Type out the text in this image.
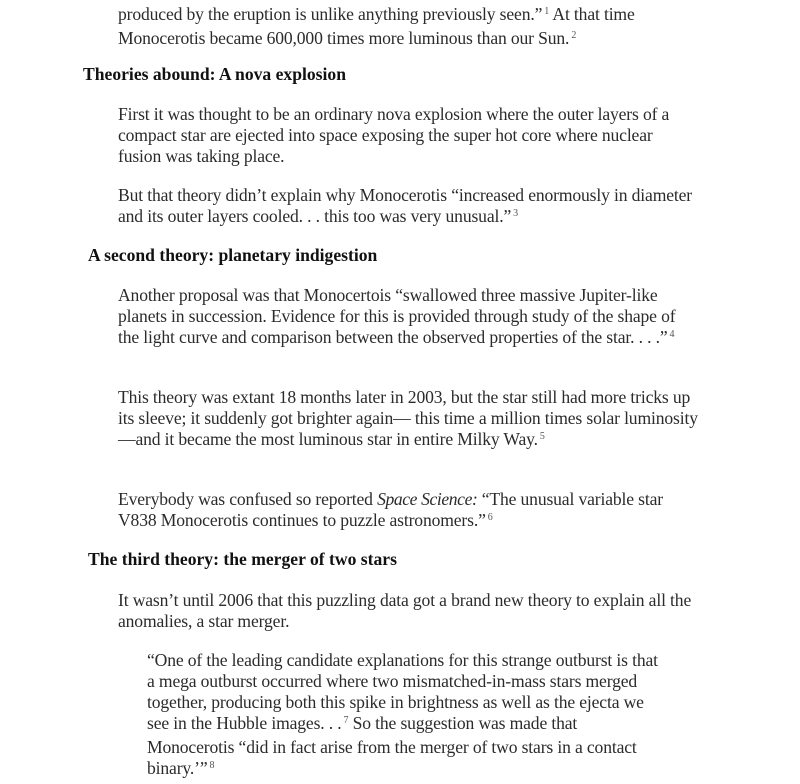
produced by the eruption is unlike anything previously seen.” $^1$ At that time Monocerotis became 600,000 times more luminous than our Sun. $^2$

Theories abound: A nova explosion

First it was thought to be an ordinary nova explosion where the outer layers of a compact star are ejected into space exposing the super hot core where nuclear fusion was taking place.

But that theory didn’t explain why Monocerotis “increased enormously in diameter and its outer layers cooled. . . this too was very unusual.” $^3$

A second theory: planetary indigestion

Another proposal was that Monocertois “swallowed three massive Jupiter-like planets in succession. Evidence for this is provided through study of the shape of the light curve and comparison between the observed properties of the star. . . .” $^4$

This theory was extant 18 months later in 2003, but the star still had more tricks up its sleeve; it suddenly got brighter again— this time a million times solar luminosity—and it became the most luminous star in entire Milky Way. $^5$

Everybody was confused so reported Space Science: “The unusual variable star V838 Monocerotis continues to puzzle astronomers.” $^6$

The third theory: the merger of two stars

It wasn’t until 2006 that this puzzling data got a brand new theory to explain all the anomalies, a star merger.

“One of the leading candidate explanations for this strange outburst is that a mega outburst occurred where two mismatched-in-mass stars merged together, producing both this spike in brightness as well as the ejecta we see in the Hubble images. . . $^7$ So the suggestion was made that Monocerotis “did in fact arise from the merger of two stars in a contact binary.’” $^8$
